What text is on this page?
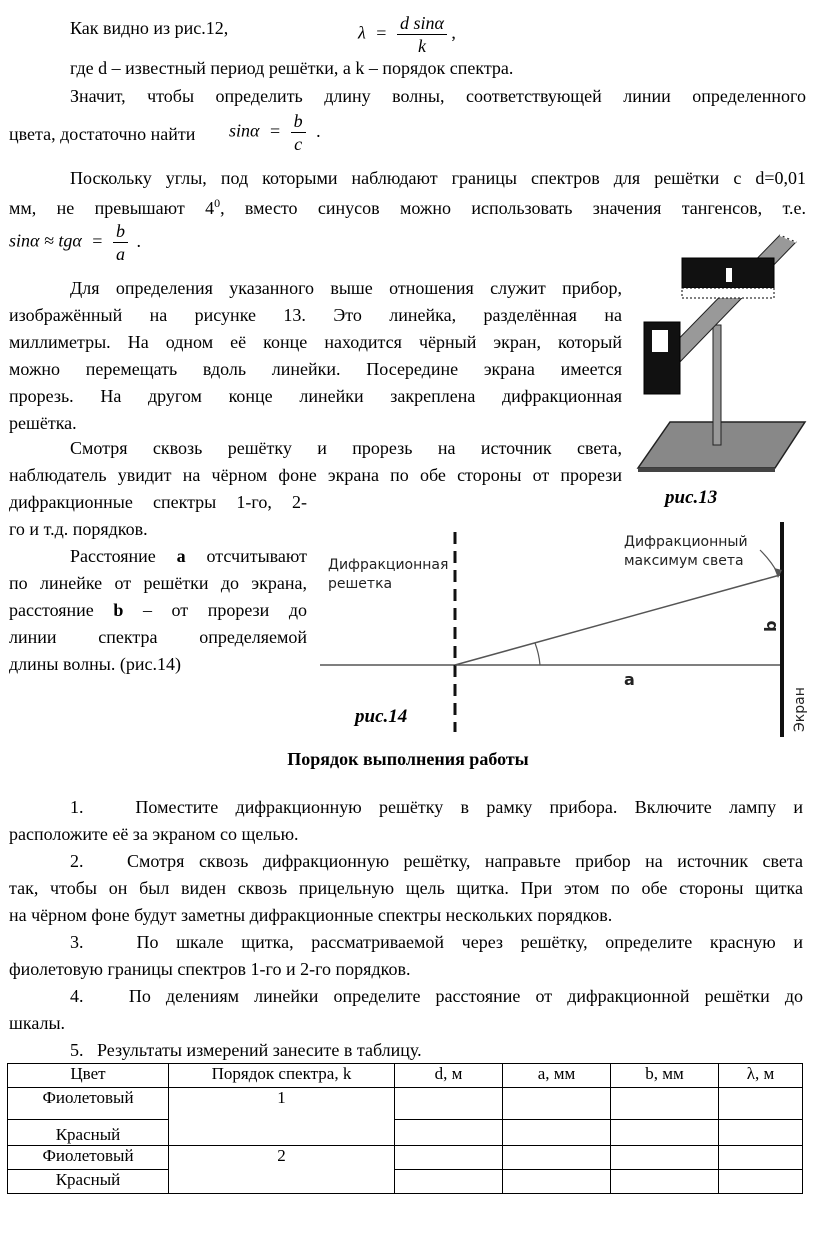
Как видно из рис.12,	$\lambda = \frac{\text{d sinα}}{k}$ ,
где d – известный период решётки, а k – порядок спектра.
Значит, чтобы определить длину волны, соответствующей линии определенного
цвета, достаточно найти $\sin\alpha = \frac{b}{c}$ .
Поскольку углы, под которыми наблюдают границы спектров для решётки с d=0,01
мм, не превышают $4^0$, вместо синусов можно использовать значения тангенсов, т.е.
$\sin\alpha \approx tg\alpha = \frac{b}{a}$ .
Для определения указанного выше отношения служит прибор,
изображённый на рисунке 13. Это линейка, разделённая на
миллиметры. На одном её конце находится чёрный экран, который
можно перемещать вдоль линейки. Посередине экрана имеется
прорезь. На другом конце линейки закреплена дифракционная
решётка.
Смотря сквозь решётку и прорезь на источник света,
наблюдатель увидит на чёрном фоне экрана по обе стороны от прорези
дифракционные спектры 1-го, 2-
го и т.д. порядков.
Расстояние a отсчитывают
по линейке от решётки до экрана,
расстояние b – от прорези до
линии спектра определяемой
длины волны. (рис.14)
рис.13
Дифракционная
решетка
Дифракционный
максимум света
a
b
Экран
рис.14
Порядок выполнения работы
1.	Поместите дифракционную решётку в рамку прибора. Включите лампу и
расположите её за экраном со щелью.
2. Смотря сквозь дифракционную решётку, направьте прибор на источник света
так, чтобы он был виден сквозь прицельную щель щитка. При этом по обе стороны щитка
на чёрном фоне будут заметны дифракционные спектры нескольких порядков.
3.	По шкале щитка, рассматриваемой через решётку, определите красную и
фиолетовую границы спектров 1-го и 2-го порядков.
4.	По делениям линейки определите расстояние от дифракционной решётки до
шкалы.
5. Результаты измерений занесите в таблицу.
Цвет	Порядок спектра, k	d, м	a, мм	b, мм	λ, м
Фиолетовый	1				
Красный					
Фиолетовый	2				
Красный					
